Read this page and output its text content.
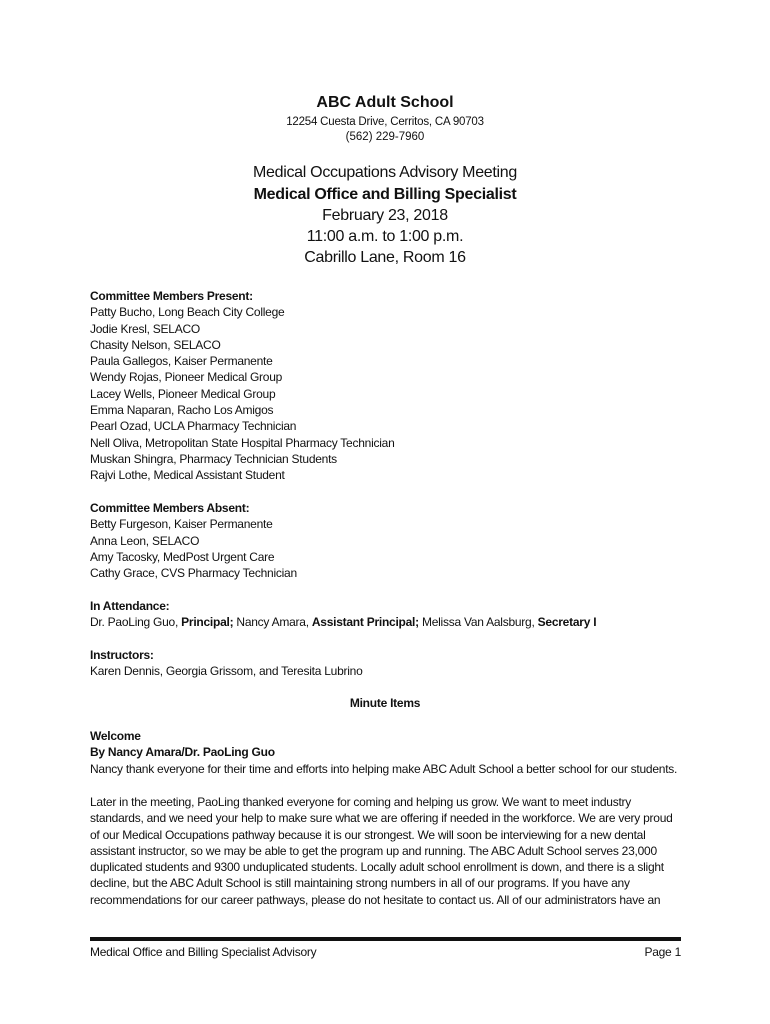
ABC Adult School
12254 Cuesta Drive, Cerritos, CA 90703
(562) 229-7960
Medical Occupations Advisory Meeting
Medical Office and Billing Specialist
February 23, 2018
11:00 a.m. to 1:00 p.m.
Cabrillo Lane, Room 16
Committee Members Present:
Patty Bucho, Long Beach City College
Jodie Kresl, SELACO
Chasity Nelson, SELACO
Paula Gallegos, Kaiser Permanente
Wendy Rojas, Pioneer Medical Group
Lacey Wells, Pioneer Medical Group
Emma Naparan, Racho Los Amigos
Pearl Ozad, UCLA Pharmacy Technician
Nell Oliva, Metropolitan State Hospital Pharmacy Technician
Muskan Shingra, Pharmacy Technician Students
Rajvi Lothe, Medical Assistant Student
Committee Members Absent:
Betty Furgeson, Kaiser Permanente
Anna Leon, SELACO
Amy Tacosky, MedPost Urgent Care
Cathy Grace, CVS Pharmacy Technician
In Attendance:
Dr. PaoLing Guo, Principal; Nancy Amara, Assistant Principal; Melissa Van Aalsburg, Secretary I
Instructors:
Karen Dennis, Georgia Grissom, and Teresita Lubrino
Minute Items
Welcome
By Nancy Amara/Dr. PaoLing Guo
Nancy thank everyone for their time and efforts into helping make ABC Adult School a better school for our students.
Later in the meeting, PaoLing thanked everyone for coming and helping us grow. We want to meet industry
standards, and we need your help to make sure what we are offering if needed in the workforce. We are very proud
of our Medical Occupations pathway because it is our strongest. We will soon be interviewing for a new dental
assistant instructor, so we may be able to get the program up and running. The ABC Adult School serves 23,000
duplicated students and 9300 unduplicated students. Locally adult school enrollment is down, and there is a slight
decline, but the ABC Adult School is still maintaining strong numbers in all of our programs. If you have any
recommendations for our career pathways, please do not hesitate to contact us. All of our administrators have an
Medical Office and Billing Specialist Advisory	Page 1
